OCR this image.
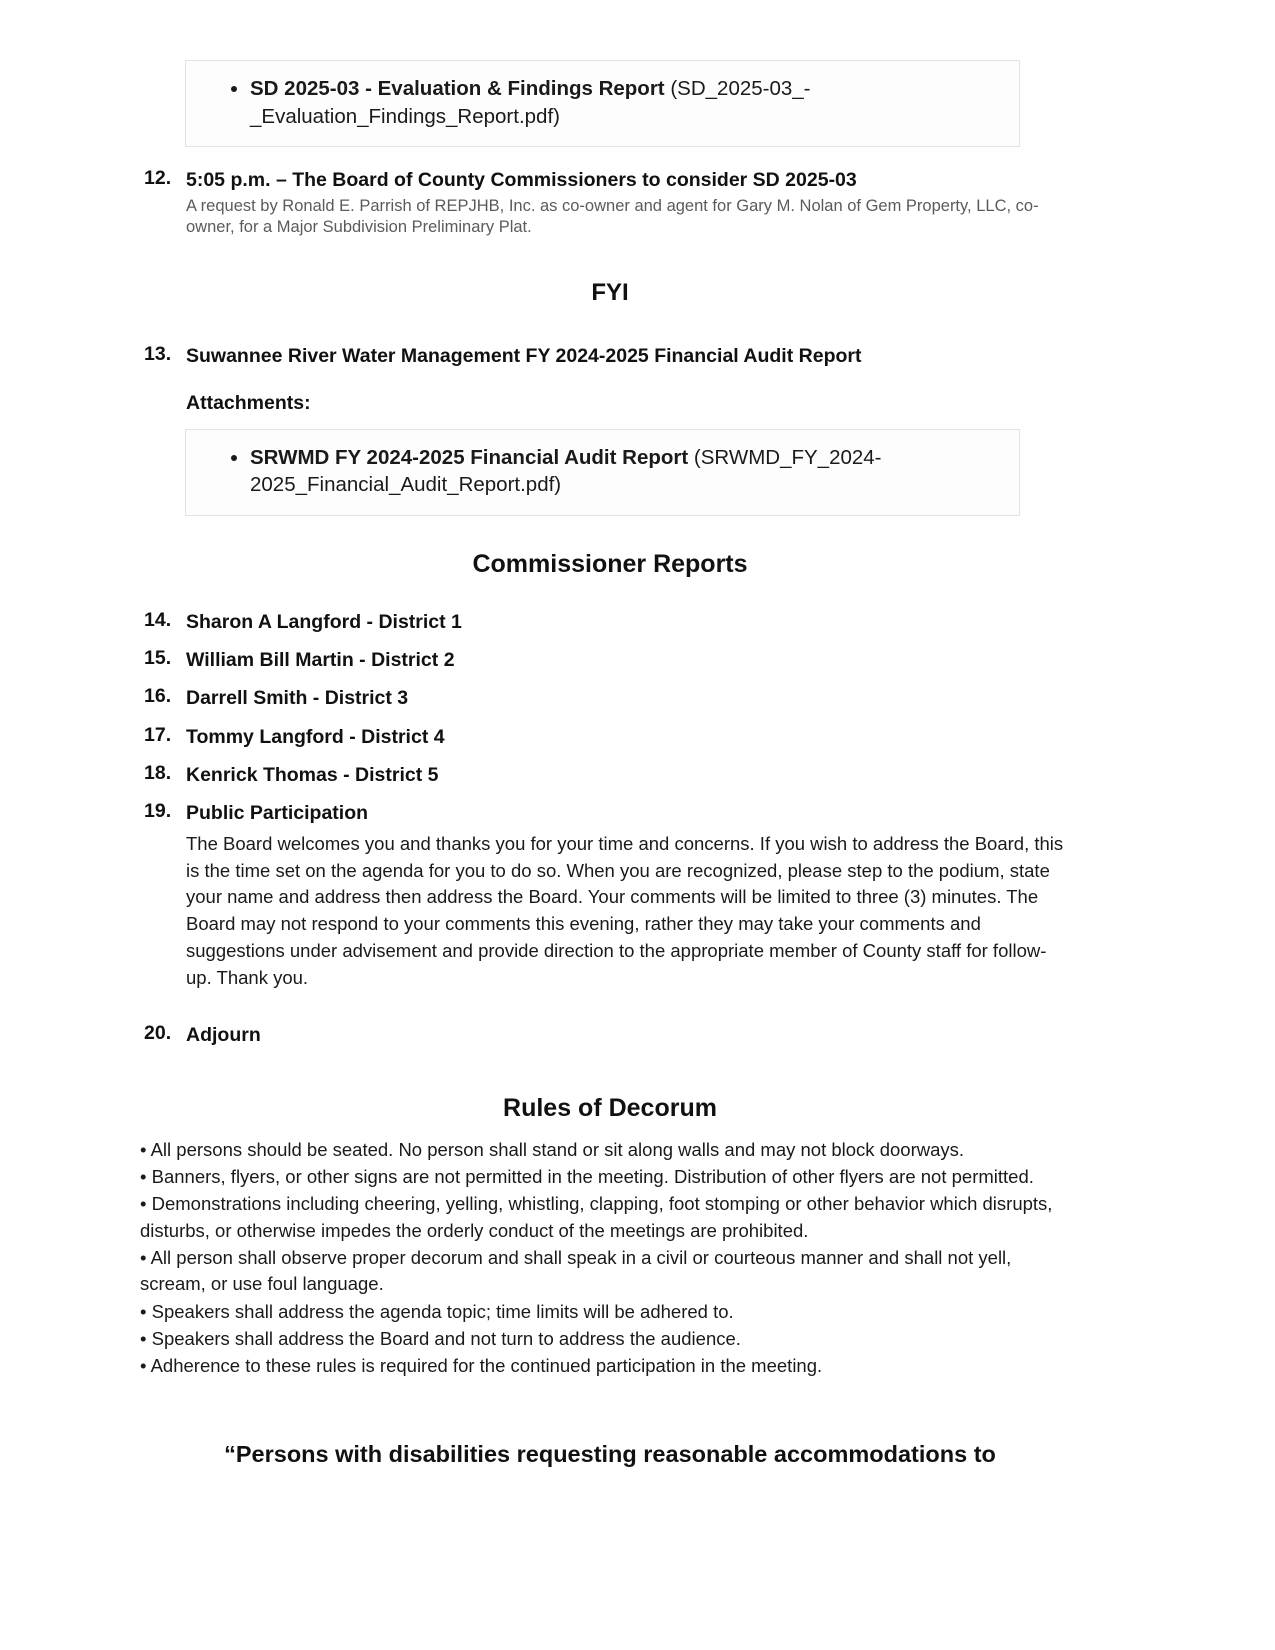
• SD 2025-03 - Evaluation & Findings Report (SD_2025-03_-_Evaluation_Findings_Report.pdf)
12. 5:05 p.m. – The Board of County Commissioners to consider SD 2025-03
A request by Ronald E. Parrish of REPJHB, Inc. as co-owner and agent for Gary M. Nolan of Gem Property, LLC, co-owner, for a Major Subdivision Preliminary Plat.
FYI
13. Suwannee River Water Management FY 2024-2025 Financial Audit Report
Attachments:
• SRWMD FY 2024-2025 Financial Audit Report (SRWMD_FY_2024-2025_Financial_Audit_Report.pdf)
Commissioner Reports
14. Sharon A Langford - District 1
15. William Bill Martin - District 2
16. Darrell Smith - District 3
17. Tommy Langford - District 4
18. Kenrick Thomas - District 5
19. Public Participation
The Board welcomes you and thanks you for your time and concerns. If you wish to address the Board, this is the time set on the agenda for you to do so. When you are recognized, please step to the podium, state your name and address then address the Board. Your comments will be limited to three (3) minutes. The Board may not respond to your comments this evening, rather they may take your comments and suggestions under advisement and provide direction to the appropriate member of County staff for follow-up. Thank you.
20. Adjourn
Rules of Decorum
• All persons should be seated. No person shall stand or sit along walls and may not block doorways.
• Banners, flyers, or other signs are not permitted in the meeting. Distribution of other flyers are not permitted.
• Demonstrations including cheering, yelling, whistling, clapping, foot stomping or other behavior which disrupts, disturbs, or otherwise impedes the orderly conduct of the meetings are prohibited.
• All person shall observe proper decorum and shall speak in a civil or courteous manner and shall not yell, scream, or use foul language.
• Speakers shall address the agenda topic; time limits will be adhered to.
• Speakers shall address the Board and not turn to address the audience.
• Adherence to these rules is required for the continued participation in the meeting.
“Persons with disabilities requesting reasonable accommodations to
